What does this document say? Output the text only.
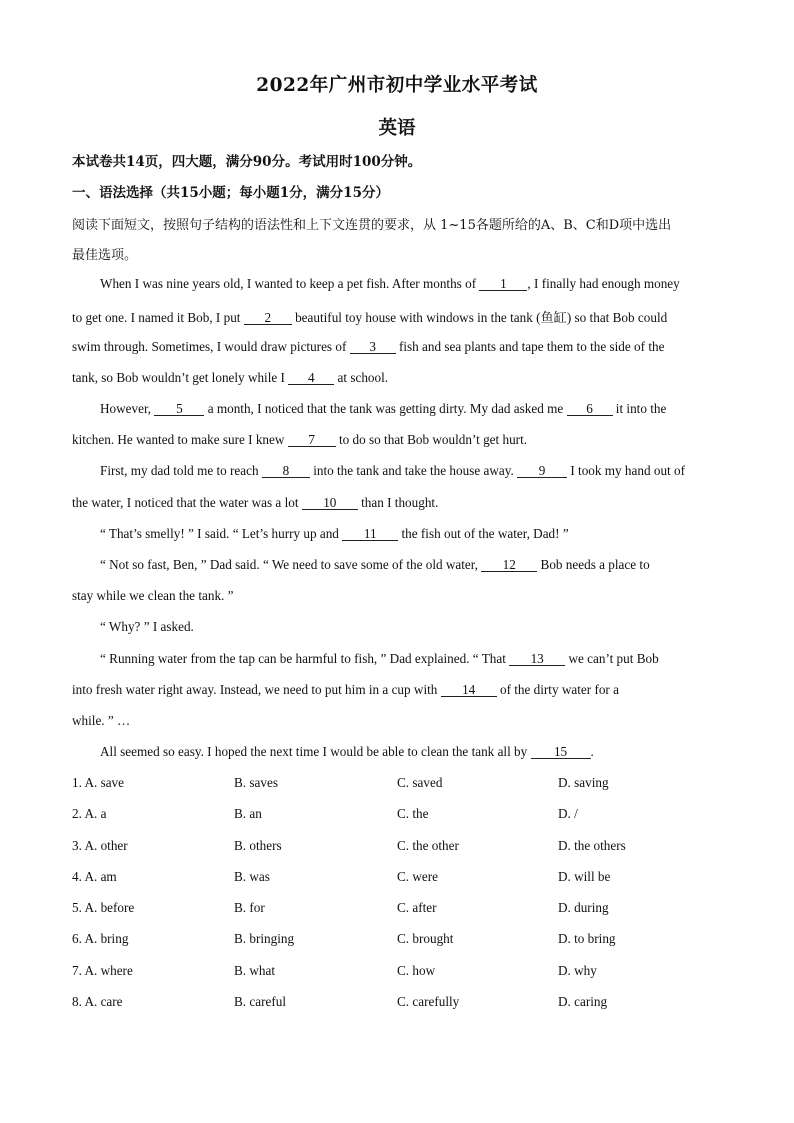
2022年广州市初中学业水平考试
英语
本试卷共14页，四大题，满分90分。考试用时100分钟。
一、语法选择（共15小题；每小题1分，满分15分）
阅读下面短文，按照句子结构的语法性和上下文连贯的要求，从 1~15各题所给的A、B、C和D项中选出
最佳选项。
When I was nine years old, I wanted to keep a pet fish. After months of 1 , I finally had enough money
to get one. I named it Bob, I put 2 beautiful toy house with windows in the tank (鱼缸) so that Bob could
swim through. Sometimes, I would draw pictures of 3 fish and sea plants and tape them to the side of the
tank, so Bob wouldn’t get lonely while I 4 at school.
However, 5 a month, I noticed that the tank was getting dirty. My dad asked me 6 it into the
kitchen. He wanted to make sure I knew 7 to do so that Bob wouldn’t get hurt.
First, my dad told me to reach 8 into the tank and take the house away. 9 I took my hand out of
the water, I noticed that the water was a lot 10 than I thought.
“ That’s smelly! ” I said. “ Let’s hurry up and 11 the fish out of the water, Dad! ”
“ Not so fast, Ben, ” Dad said. “ We need to save some of the old water, 12 Bob needs a place to
stay while we clean the tank. ”
“ Why? ” I asked.
“ Running water from the tap can be harmful to fish, ” Dad explained. “ That 13 we can’t put Bob
into fresh water right away. Instead, we need to put him in a cup with 14 of the dirty water for a
while. ” …
All seemed so easy. I hoped the next time I would be able to clean the tank all by 15 .
1. A. save	B. saves	C. saved	D. saving
2. A. a	B. an	C. the	D. /
3. A. other	B. others	C. the other	D. the others
4. A. am	B. was	C. were	D. will be
5. A. before	B. for	C. after	D. during
6. A. bring	B. bringing	C. brought	D. to bring
7. A. where	B. what	C. how	D. why
8. A. care	B. careful	C. carefully	D. caring
